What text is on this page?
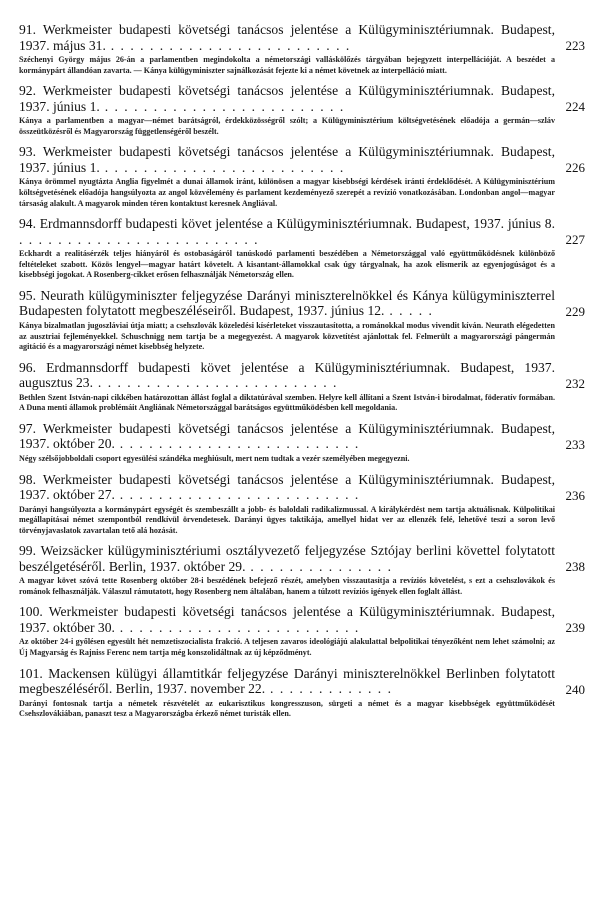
223
91. Werkmeister budapesti követségi tanácsos jelentése a Külügyminisztériumnak. Budapest, 1937. május 31. . . . . . . . . . . . . . . . . . . . . . . . . .
Széchenyi György május 26-án a parlamentben megindokolta a németországi valláskölőzés tárgyában bejegyzett interpellációját. A beszédet a kormánypárt állandóan zavarta. — Kánya külügyminiszter sajnálkozását fejezte ki a német követnek az interpelláció miatt.
224
92. Werkmeister budapesti követségi tanácsos jelentése a Külügyminisztériumnak. Budapest, 1937. június 1. . . . . . . . . . . . . . . . . . . . . . . . . .
Kánya a parlamentben a magyar—német barátságról, érdekközösségről szólt; a Külügyminisztérium költségvetésének előadója a germán—szláv összeütközésről és Magyarország függetlenségéről beszélt.
226
93. Werkmeister budapesti követségi tanácsos jelentése a Külügyminisztériumnak. Budapest, 1937. június 1. . . . . . . . . . . . . . . . . . . . . . . . . .
Kánya örömmel nyugtázta Anglia figyelmét a dunai államok iránt, különösen a magyar kisebbségi kérdések iránti érdeklődését. A Külügyminisztérium költségvetésének előadója hangsúlyozta az angol közvélemény és parlament kezdeményező szerepét a revízió vonatkozásában. Londonban angol—magyar társaság alakult. A magyarok minden téren kontaktust keresnek Angliával.
227
94. Erdmannsdorff budapesti követ jelentése a Külügyminisztériumnak. Budapest, 1937. június 8. . . . . . . . . . . . . . . . . . . . . . . . . .
Eckhardt a realitásérzék teljes hiányáról és ostobaságáról tanúskodó parlamenti beszédében a Németországgal való együttműködésnek különböző feltételeket szabott. Közös lengyel—magyar határt követelt. A kisantant-államokkal csak úgy tárgyalnak, ha azok elismerik az egyenjogúságot és a kisebbségi jogokat. A Rosenberg-cikket erősen felhasználják Németország ellen.
229
95. Neurath külügyminiszter feljegyzése Darányi miniszterelnökkel és Kánya külügyminiszterrel Budapesten folytatott megbeszéléseiről. Budapest, 1937. június 12. . . . . .
Kánya bizalmatlan jugoszláviai útja miatt; a csehszlovák közeledési kísérleteket visszautasította, a románokkal modus vivendit kíván. Neurath elégedetten az ausztriai fejleményekkel. Schuschnigg nem tartja be a megegyezést. A magyarok közvetítést ajánlottak fel. Felmerült a magyarországi pángermán agitáció és a magyarországi német kisebbség helyzete.
232
96. Erdmannsdorff budapesti követ jelentése a Külügyminisztériumnak. Budapest, 1937. augusztus 23. . . . . . . . . . . . . . . . . . . . . . . . . .
Bethlen Szent István-napi cikkében határozottan állást foglal a diktatúrával szemben. Helyre kell állítani a Szent István-i birodalmat, föderatív formában. A Duna menti államok problémáit Angliának Németországgal barátságos együttműködésben kell megoldania.
233
97. Werkmeister budapesti követségi tanácsos jelentése a Külügyminisztériumnak. Budapest, 1937. október 20. . . . . . . . . . . . . . . . . . . . . . . . . .
Négy szélsőjobboldali csoport egyesülési szándéka meghiúsult, mert nem tudtak a vezér személyében megegyezni.
236
98. Werkmeister budapesti követségi tanácsos jelentése a Külügyminisztériumnak. Budapest, 1937. október 27. . . . . . . . . . . . . . . . . . . . . . . . . .
Darányi hangsúlyozta a kormánypárt egységét és szembeszállt a jobb- és baloldali radikalizmussal. A királykérdést nem tartja aktuálisnak. Külpolitikai megállapításai német szempontból rendkívül örvendetesek. Darányi ügyes taktikája, amellyel hidat ver az ellenzék felé, lehetővé teszi a soron levő törvényjavaslatok zavartalan tető alá hozását.
238
99. Weizsäcker külügyminisztériumi osztályvezető feljegyzése Sztójay berlini követtel folytatott beszélgetéséről. Berlin, 1937. október 29. . . . . . . . . . . . . . . .
A magyar követ szóvá tette Rosenberg október 28-i beszédének befejező részét, amelyben visszautasítja a revíziós követelést, s ezt a csehszlovákok és románok felhasználják. Válaszul rámutatott, hogy Rosenberg nem általában, hanem a túlzott revíziós igények ellen foglalt állást.
239
100. Werkmeister budapesti követségi tanácsos jelentése a Külügyminisztériumnak. Budapest, 1937. október 30. . . . . . . . . . . . . . . . . . . . . . . . . .
Az október 24-i győlésen egyesült hét nemzetiszocialista frakció. A teljesen zavaros ideológiájú alakulattal belpolitikai tényezőként nem lehet számolni; az Új Magyarság és Rajniss Ferenc nem tartja még konszolidáltnak az új képződményt.
240
101. Mackensen külügyi államtitkár feljegyzése Darányi miniszterelnökkel Berlinben folytatott megbeszéléséről. Berlin, 1937. november 22. . . . . . . . . . . . . .
Darányi fontosnak tartja a németek részvételét az eukarisztikus kongresszuson, sürgeti a német és a magyar kisebbségek együttműködését Csehszlovákiában, panaszt tesz a Magyarországba érkező német turisták ellen.
